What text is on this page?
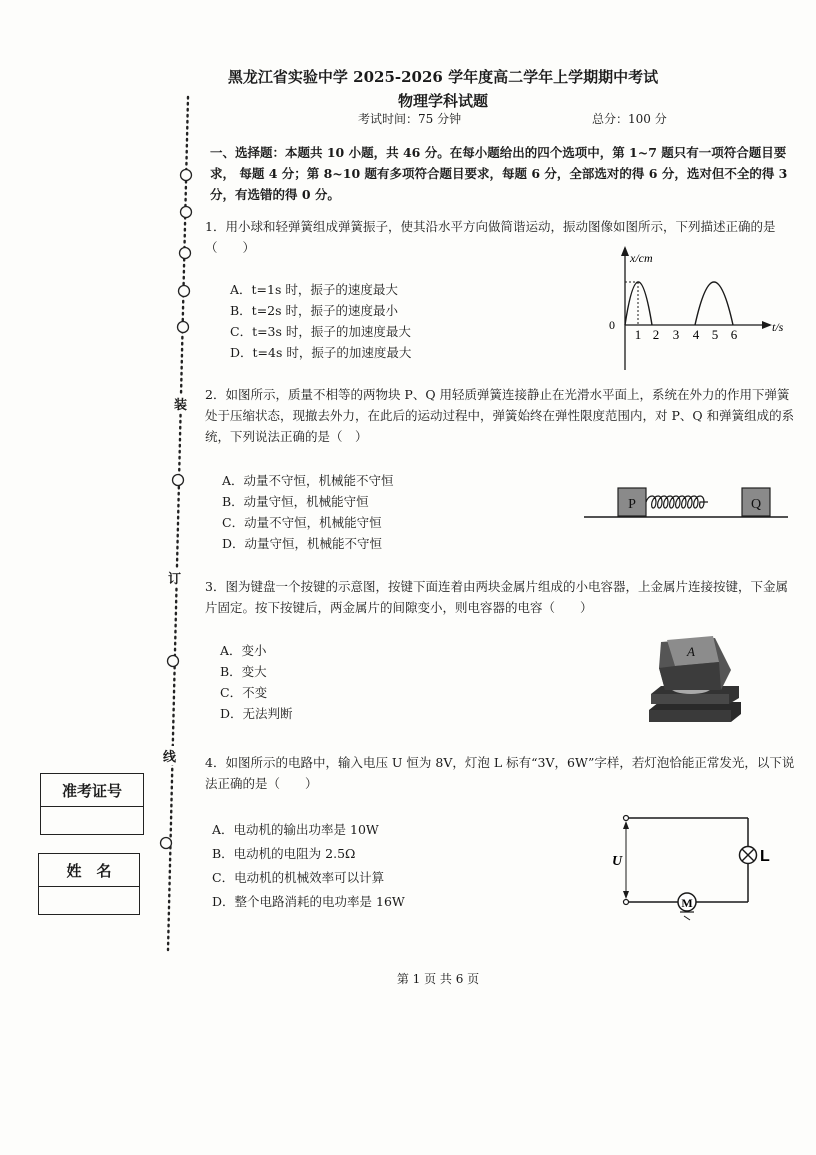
黑龙江省实验中学 2025-2026 学年度高二学年上学期期中考试
物理学科试题
考试时间：75 分钟	总分：100 分
装
订
线
准考证号
姓　名
一、选择题：本题共 10 小题，共 46 分。在每小题给出的四个选项中，第 1~7 题只有一项符合题目要求， 每题 4 分；第 8~10 题有多项符合题目要求，每题 6 分，全部选对的得 6 分，选对但不全的得 3 分，有选错的得 0 分。
1．用小球和轻弹簧组成弹簧振子，使其沿水平方向做简谐运动，振动图像如图所示，下列描述正确的是（　　）
A．t=1s 时，振子的速度最大
B．t=2s 时，振子的速度最小
C．t=3s 时，振子的加速度最大
D．t=4s 时，振子的加速度最大
x/cm
t/s
0
1 2 3 4 5 6
2．如图所示，质量不相等的两物块 P、Q 用轻质弹簧连接静止在光滑水平面上，系统在外力的作用下弹簧处于压缩状态，现撤去外力，在此后的运动过程中，弹簧始终在弹性限度范围内，对 P、Q 和弹簧组成的系统，下列说法正确的是（　）
A．动量不守恒，机械能不守恒
B．动量守恒，机械能守恒
C．动量不守恒，机械能守恒
D．动量守恒，机械能不守恒
P	Q
3．图为键盘一个按键的示意图，按键下面连着由两块金属片组成的小电容器，上金属片连接按键，下金属片固定。按下按键后，两金属片的间隙变小，则电容器的电容（　　）
A．变小
B．变大
C．不变
D．无法判断
A
4．如图所示的电路中，输入电压 U 恒为 8V，灯泡 L 标有“3V，6W”字样，若灯泡恰能正常发光，以下说法正确的是（　　）
A．电动机的输出功率是 10W
B．电动机的电阻为 2.5Ω
C．电动机的机械效率可以计算
D．整个电路消耗的电功率是 16W
U	L
M
第 1 页 共 6 页
